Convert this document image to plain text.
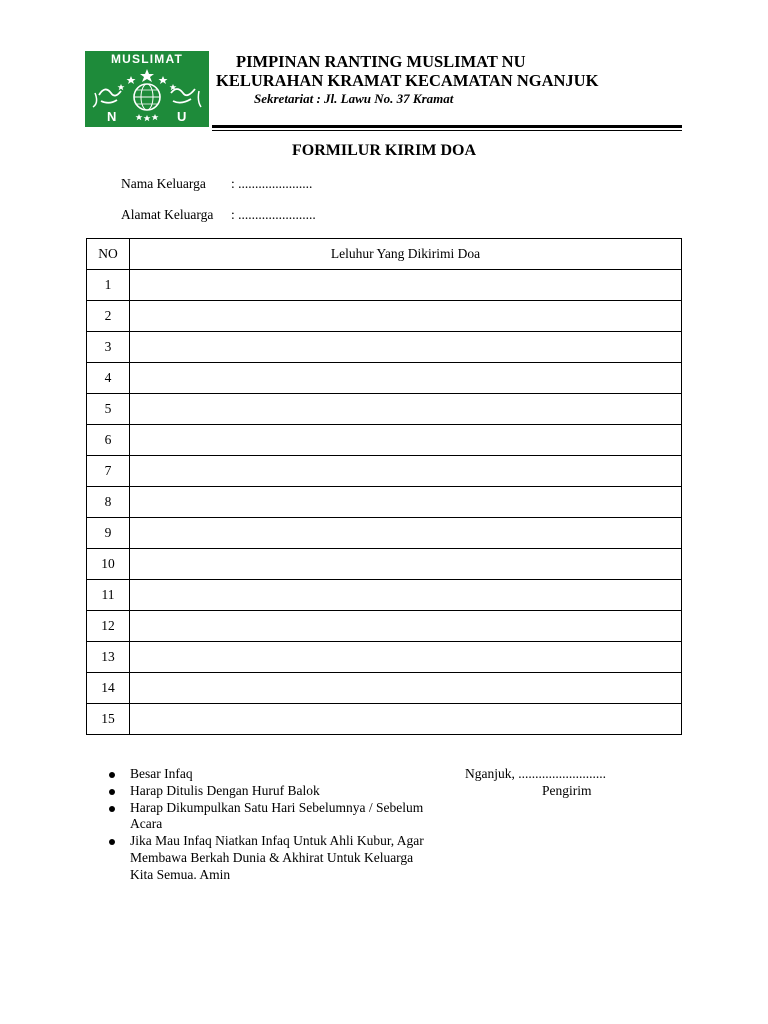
MUSLIMAT
N	U
PIMPINAN RANTING MUSLIMAT NU
KELURAHAN KRAMAT KECAMATAN NGANJUK
Sekretariat : Jl. Lawu No. 37 Kramat
FORMILUR KIRIM DOA
Nama Keluarga : ......................
Alamat Keluarga : .......................
NO	Leluhur Yang Dikirimi Doa
1	
2	
3	
4	
5	
6	
7	
8	
9	
10	
11	
12	
13	
14	
15	
Besar Infaq
Harap Ditulis Dengan Huruf Balok
Harap Dikumpulkan Satu Hari Sebelumnya / Sebelum Acara
Jika Mau Infaq Niatkan Infaq Untuk Ahli Kubur, Agar Membawa Berkah Dunia & Akhirat Untuk Keluarga Kita Semua. Amin
Nganjuk, ..........................
Pengirim
